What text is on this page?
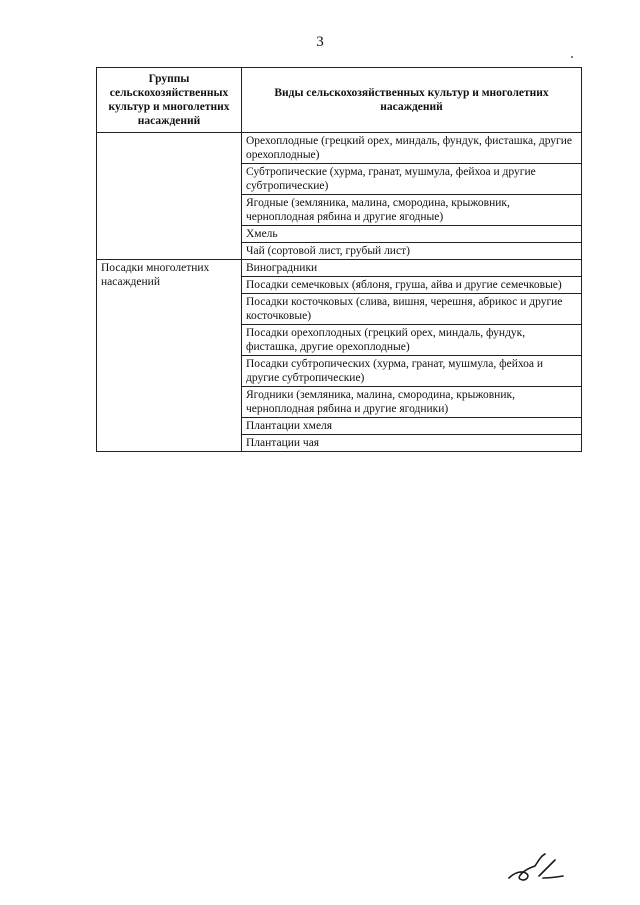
3
Группы сельскохозяйственных культур и многолетних насаждений	Виды сельскохозяйственных культур и многолетних насаждений
	Орехоплодные (грецкий орех, миндаль, фундук, фисташка, другие орехоплодные)
	Субтропические (хурма, гранат, мушмула, фейхоа и другие субтропические)
	Ягодные (земляника, малина, смородина, крыжовник, черноплодная рябина и другие ягодные)
	Хмель
	Чай (сортовой лист, грубый лист)
Посадки многолетних насаждений	Виноградники
	Посадки семечковых (яблоня, груша, айва и другие семечковые)
	Посадки косточковых (слива, вишня, черешня, абрикос и другие косточковые)
	Посадки орехоплодных (грецкий орех, миндаль, фундук, фисташка, другие орехоплодные)
	Посадки субтропических (хурма, гранат, мушмула, фейхоа и другие субтропические)
	Ягодники (земляника, малина, смородина, крыжовник, черноплодная рябина и другие ягодники)
	Плантации хмеля
	Плантации чая
